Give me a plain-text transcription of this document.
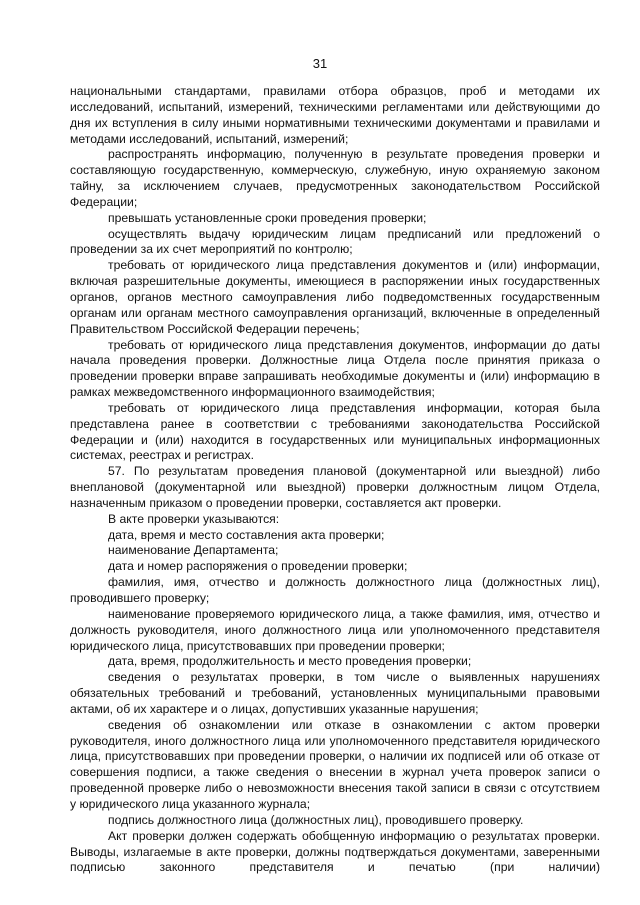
31

национальными стандартами, правилами отбора образцов, проб и методами их исследований, испытаний, измерений, техническими регламентами или действующими до дня их вступления в силу иными нормативными техническими документами и правилами и методами исследований, испытаний, измерений;

распространять информацию, полученную в результате проведения проверки и составляющую государственную, коммерческую, служебную, иную охраняемую законом тайну, за исключением случаев, предусмотренных законодательством Российской Федерации;

превышать установленные сроки проведения проверки;

осуществлять выдачу юридическим лицам предписаний или предложений о проведении за их счет мероприятий по контролю;

требовать от юридического лица представления документов и (или) информации, включая разрешительные документы, имеющиеся в распоряжении иных государственных органов, органов местного самоуправления либо подведомственных государственным органам или органам местного самоуправления организаций, включенные в определенный Правительством Российской Федерации перечень;

требовать от юридического лица представления документов, информации до даты начала проведения проверки. Должностные лица Отдела после принятия приказа о проведении проверки вправе запрашивать необходимые документы и (или) информацию в рамках межведомственного информационного взаимодействия;

требовать от юридического лица представления информации, которая была представлена ранее в соответствии с требованиями законодательства Российской Федерации и (или) находится в государственных или муниципальных информационных системах, реестрах и регистрах.

57. По результатам проведения плановой (документарной или выездной) либо внеплановой (документарной или выездной) проверки должностным лицом Отдела, назначенным приказом о проведении проверки, составляется акт проверки.

В акте проверки указываются:

дата, время и место составления акта проверки;

наименование Департамента;

дата и номер распоряжения о проведении проверки;

фамилия, имя, отчество и должность должностного лица (должностных лиц), проводившего проверку;

наименование проверяемого юридического лица, а также фамилия, имя, отчество и должность руководителя, иного должностного лица или уполномоченного представителя юридического лица, присутствовавших при проведении проверки;

дата, время, продолжительность и место проведения проверки;

сведения о результатах проверки, в том числе о выявленных нарушениях обязательных требований и требований, установленных муниципальными правовыми актами, об их характере и о лицах, допустивших указанные нарушения;

сведения об ознакомлении или отказе в ознакомлении с актом проверки руководителя, иного должностного лица или уполномоченного представителя юридического лица, присутствовавших при проведении проверки, о наличии их подписей или об отказе от совершения подписи, а также сведения о внесении в журнал учета проверок записи о проведенной проверке либо о невозможности внесения такой записи в связи с отсутствием у юридического лица указанного журнала;

подпись должностного лица (должностных лиц), проводившего проверку.

Акт проверки должен содержать обобщенную информацию о результатах проверки. Выводы, излагаемые в акте проверки, должны подтверждаться документами, заверенными подписью законного представителя и печатью (при наличии)
